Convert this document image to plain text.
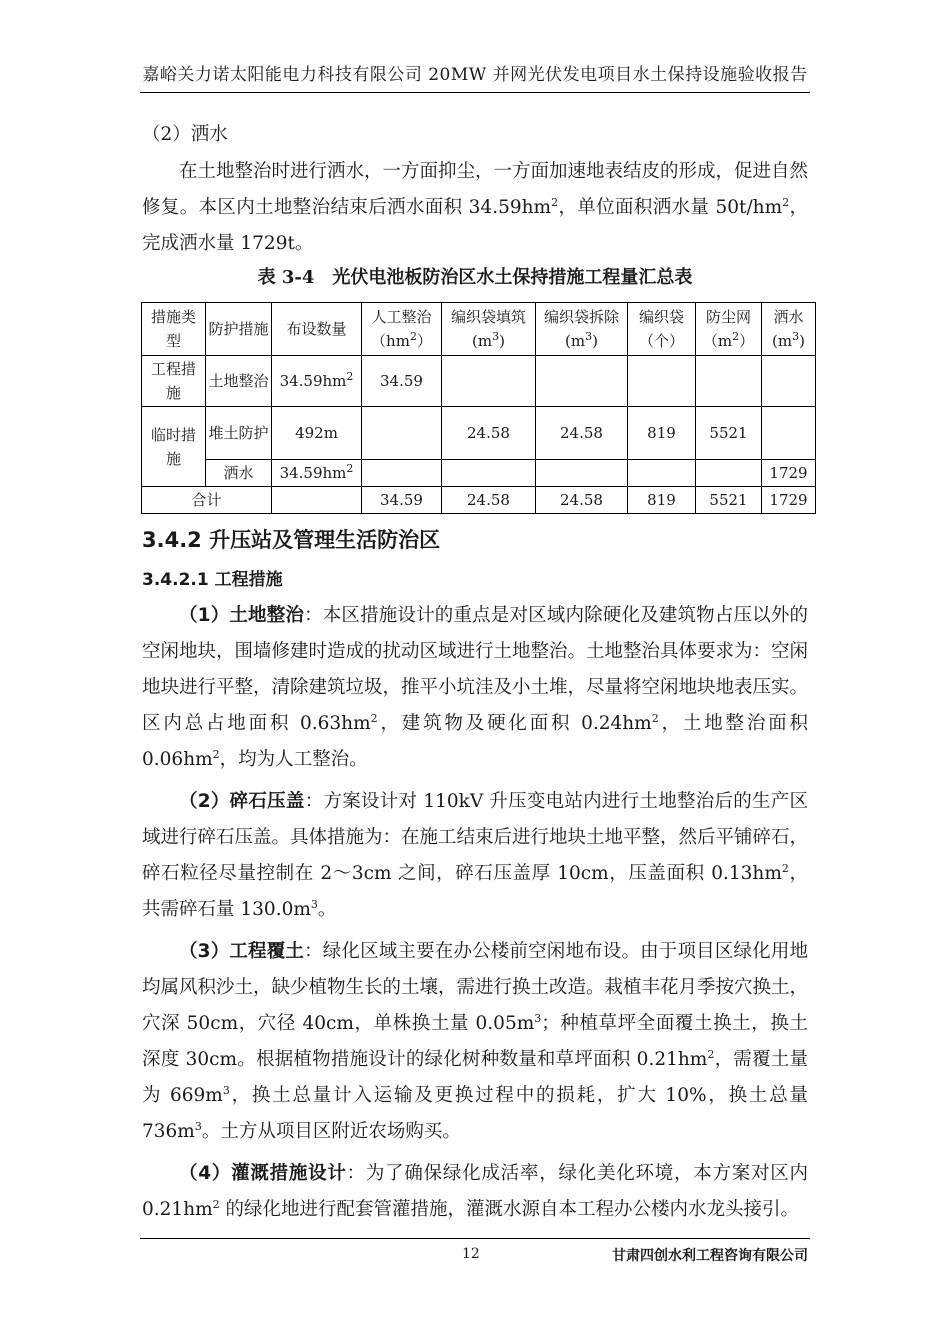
嘉峪关力诺太阳能电力科技有限公司 20MW 并网光伏发电项目水土保持设施验收报告
（2）洒水
在土地整治时进行洒水，一方面抑尘，一方面加速地表结皮的形成，促进自然修复。本区内土地整治结束后洒水面积 $34.59hm^2$，单位面积洒水量 $50t/hm^2$，完成洒水量 1729t。
表 3-4　光伏电池板防治区水土保持措施工程量汇总表
措施类型	防护措施	布设数量	人工整治$(hm^2)$	编织袋填筑$(m^3)$	编织袋拆除$(m^3)$	编织袋（个）	防尘网$(m^2)$	洒水$(m^3)$
工程措施	土地整治	$34.59hm^2$	34.59					
临时措施	堆土防护	492m		24.58	24.58	819	5521	
	洒水	$34.59hm^2$						1729
合计			34.59	24.58	24.58	819	5521	1729
3.4.2 升压站及管理生活防治区
3.4.2.1 工程措施
（1）土地整治：本区措施设计的重点是对区域内除硬化及建筑物占压以外的空闲地块，围墙修建时造成的扰动区域进行土地整治。土地整治具体要求为：空闲地块进行平整，清除建筑垃圾，推平小坑洼及小土堆，尽量将空闲地块地表压实。区内总占地面积 $0.63hm^2$，建筑物及硬化面积 $0.24hm^2$，土地整治面积 $0.06hm^2$，均为人工整治。
（2）碎石压盖：方案设计对 110kV 升压变电站内进行土地整治后的生产区域进行碎石压盖。具体措施为：在施工结束后进行地块土地平整，然后平铺碎石，碎石粒径尽量控制在 2～3cm 之间，碎石压盖厚 10cm，压盖面积 $0.13hm^2$，共需碎石量 $130.0m^3$。
（3）工程覆土：绿化区域主要在办公楼前空闲地布设。由于项目区绿化用地均属风积沙土，缺少植物生长的土壤，需进行换土改造。栽植丰花月季按穴换土，穴深 50cm，穴径 40cm，单株换土量 $0.05m^3$；种植草坪全面覆土换土，换土深度 30cm。根据植物措施设计的绿化树种数量和草坪面积 $0.21hm^2$，需覆土量为 $669m^3$，换土总量计入运输及更换过程中的损耗，扩大 10%，换土总量 $736m^3$。土方从项目区附近农场购买。
（4）灌溉措施设计：为了确保绿化成活率，绿化美化环境，本方案对区内 $0.21hm^2$ 的绿化地进行配套管灌措施，灌溉水源自本工程办公楼内水龙头接引。
12	甘肃四创水利工程咨询有限公司
